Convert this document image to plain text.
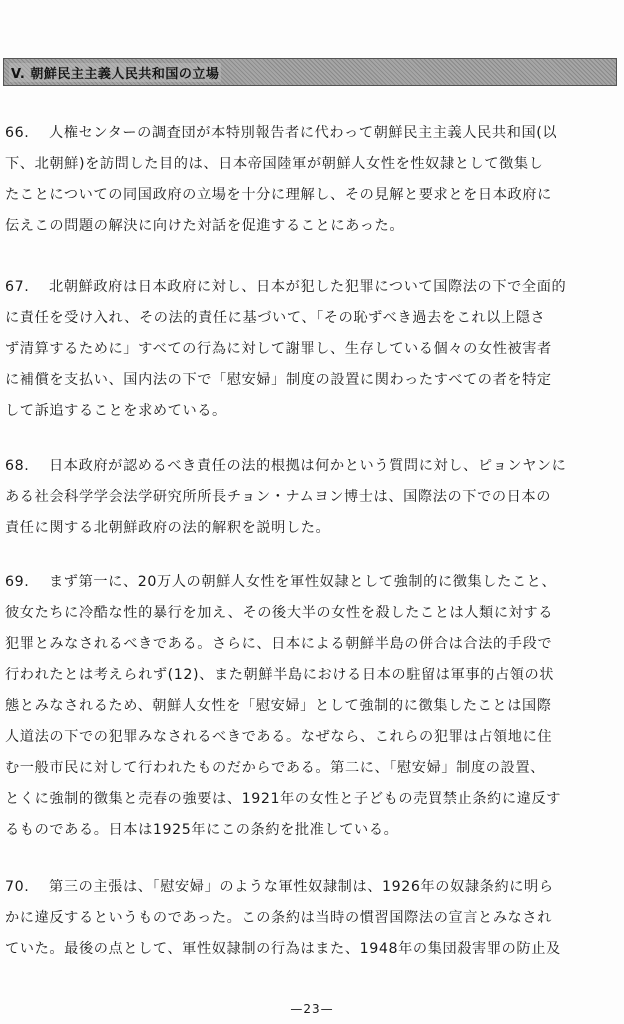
V. 朝鮮民主主義人民共和国の立場

66. 人権センターの調査団が本特別報告者に代わって朝鮮民主主義人民共和国(以
下、北朝鮮)を訪問した目的は、日本帝国陸軍が朝鮮人女性を性奴隷として徴集し
たことについての同国政府の立場を十分に理解し、その見解と要求とを日本政府に
伝えこの問題の解決に向けた対話を促進することにあった。

67. 北朝鮮政府は日本政府に対し、日本が犯した犯罪について国際法の下で全面的
に責任を受け入れ、その法的責任に基づいて、「その恥ずべき過去をこれ以上隠さ
ず清算するために」すべての行為に対して謝罪し、生存している個々の女性被害者
に補償を支払い、国内法の下で「慰安婦」制度の設置に関わったすべての者を特定
して訴追することを求めている。

68. 日本政府が認めるべき責任の法的根拠は何かという質問に対し、ピョンヤンに
ある社会科学学会法学研究所所長チョン・ナムヨン博士は、国際法の下での日本の
責任に関する北朝鮮政府の法的解釈を説明した。

69. まず第一に、20万人の朝鮮人女性を軍性奴隷として強制的に徴集したこと、
彼女たちに冷酷な性的暴行を加え、その後大半の女性を殺したことは人類に対する
犯罪とみなされるべきである。さらに、日本による朝鮮半島の併合は合法的手段で
行われたとは考えられず(12)、また朝鮮半島における日本の駐留は軍事的占領の状
態とみなされるため、朝鮮人女性を「慰安婦」として強制的に徴集したことは国際
人道法の下での犯罪みなされるべきである。なぜなら、これらの犯罪は占領地に住
む一般市民に対して行われたものだからである。第二に、「慰安婦」制度の設置、
とくに強制的徴集と売春の強要は、1921年の女性と子どもの売買禁止条約に違反す
るものである。日本は1925年にこの条約を批准している。

70. 第三の主張は、「慰安婦」のような軍性奴隷制は、1926年の奴隷条約に明ら
かに違反するというものであった。この条約は当時の慣習国際法の宣言とみなされ
ていた。最後の点として、軍性奴隷制の行為はまた、1948年の集団殺害罪の防止及

—23—
